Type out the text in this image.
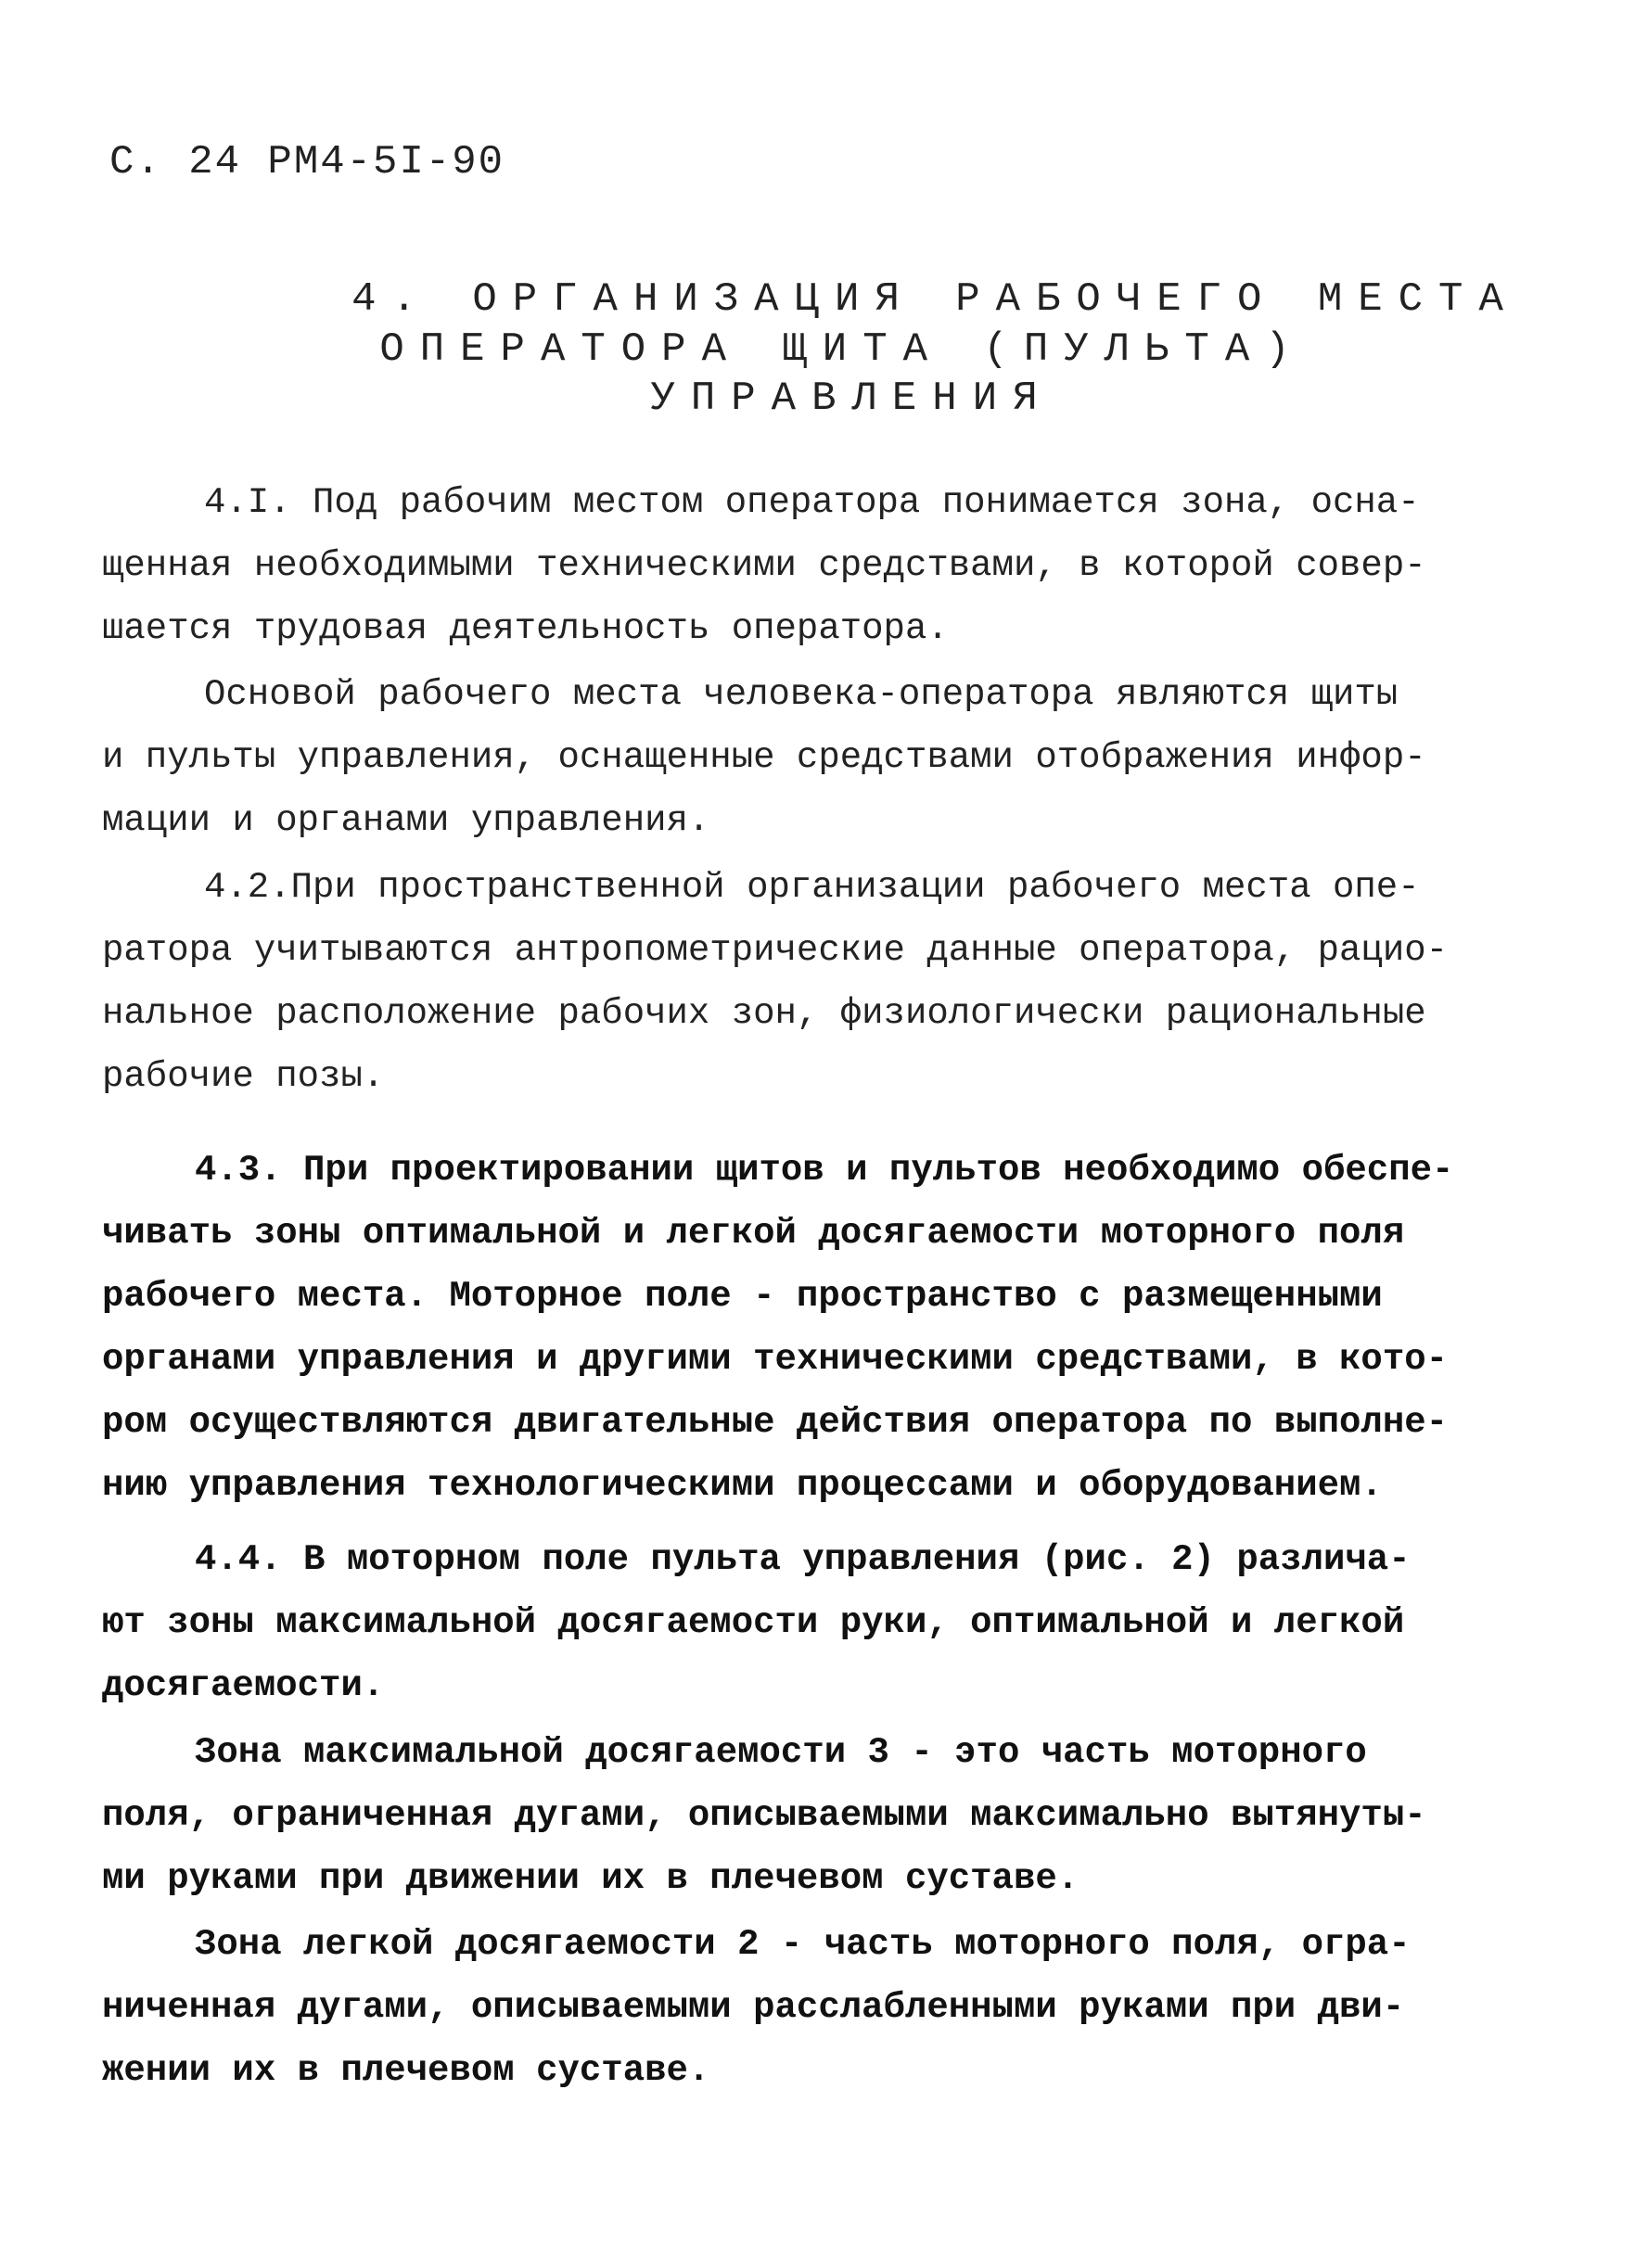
С. 24 РМ4-5I-90
4. ОРГАНИЗАЦИЯ РАБОЧЕГО МЕСТА
ОПЕРАТОРА ЩИТА (ПУЛЬТА)
УПРАВЛЕНИЯ
4.I. Под рабочим местом оператора понимается зона, осна-
щенная необходимыми техническими средствами, в которой совер-
шается трудовая деятельность оператора.
Основой рабочего места человека-оператора являются щиты
и пульты управления, оснащенные средствами отображения инфор-
мации и органами управления.
4.2.При пространственной организации рабочего места опе-
ратора учитываются антропометрические данные оператора, рацио-
нальное расположение рабочих зон, физиологически рациональные
рабочие позы.
4.3. При проектировании щитов и пультов необходимо обеспе-
чивать зоны оптимальной и легкой досягаемости моторного поля
рабочего места. Моторное поле - пространство с размещенными
органами управления и другими техническими средствами, в кото-
ром осуществляются двигательные действия оператора по выполне-
нию управления технологическими процессами и оборудованием.
4.4. В моторном поле пульта управления (рис. 2) различа-
ют зоны максимальной досягаемости руки, оптимальной и легкой
досягаемости.
Зона максимальной досягаемости 3 - это часть моторного
поля, ограниченная дугами, описываемыми максимально вытянуты-
ми руками при движении их в плечевом суставе.
Зона легкой досягаемости 2 - часть моторного поля, огра-
ниченная дугами, описываемыми расслабленными руками при дви-
жении их в плечевом суставе.
